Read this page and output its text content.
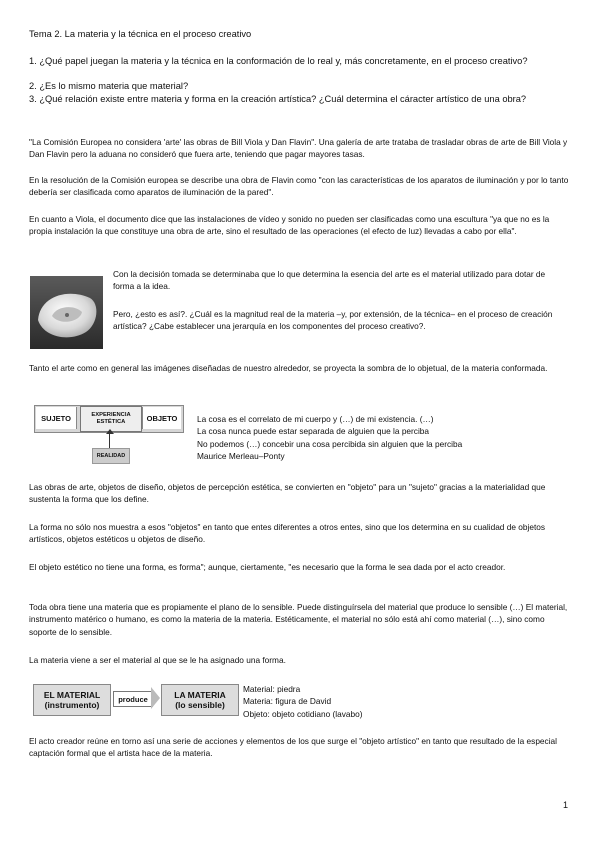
Tema 2. La materia y la técnica en el proceso creativo

1. ¿Qué papel juegan la materia y la técnica en la conformación de lo real y, más concretamente, en el proceso creativo?

2. ¿Es lo mismo materia que material?

3. ¿Qué relación existe entre materia y forma en la creación artística? ¿Cuál determina el cáracter artístico de una obra?

"La Comisión Europea no considera 'arte' las obras de Bill Viola y Dan Flavin". Una galería de arte trataba de trasladar obras de arte de Bill Viola y Dan Flavin pero la aduana no consideró que fuera arte, teniendo que pagar mayores tasas.

En la resolución de la Comisión europea se describe una obra de Flavin como "con las características de los aparatos de iluminación y por lo tanto debería ser clasificada como aparatos de iluminación de la pared".

En cuanto a Viola, el documento dice que las instalaciones de vídeo y sonido no pueden ser clasificadas como una escultura "ya que no es la propia instalación la que constituye una obra de arte, sino el resultado de las operaciones (el efecto de luz) llevadas a cabo por ella".

Con la decisión tomada se determinaba que lo que determina la esencia del arte es el material utilizado para dotar de forma a la idea.

Pero, ¿esto es así?. ¿Cuál es la magnitud real de la materia –y, por extensión, de la técnica– en el proceso de creación artística? ¿Cabe establecer una jerarquía en los componentes del proceso creativo?.

Tanto el arte como en general las imágenes diseñadas de nuestro alrededor, se proyecta la sombra de lo objetual, de la materia conformada.

SUJETO	EXPERIENCIA
ESTÉTICA	OBJETO
REALIDAD
La cosa es el correlato de mi cuerpo y (…) de mi existencia. (…)
La cosa nunca puede estar separada de alguien que la perciba
No podemos (…) concebir una cosa percibida sin alguien que la perciba
Maurice Merleau–Ponty

Las obras de arte, objetos de diseño, objetos de percepción estética, se convierten en "objeto" para un "sujeto" gracias a la materialidad que sustenta la forma que los define.

La forma no sólo nos muestra a esos "objetos" en tanto que entes diferentes a otros entes, sino que los determina en su cualidad de objetos artísticos, objetos estéticos u objetos de diseño.

El objeto estético no tiene una forma, es forma"; aunque, ciertamente, "es necesario que la forma le sea dada por el acto creador.

Toda obra tiene una materia que es propiamente el plano de lo sensible. Puede distinguírsela del material que produce lo sensible (…) El material, instrumento matérico o humano, es como la materia de la materia. Estéticamente, el material no sólo está ahí como material (…), sino como soporte de lo sensible.

La materia viene a ser el material al que se le ha asignado una forma.

EL MATERIAL
(instrumento)
produce	LA MATERIA
(lo sensible)
Material: piedra
Materia: figura de David
Objeto: objeto cotidiano (lavabo)

El acto creador reúne en torno así una serie de acciones y elementos de los que surge el "objeto artístico" en tanto que resultado de la especial captación formal que el artista hace de la materia.

1
